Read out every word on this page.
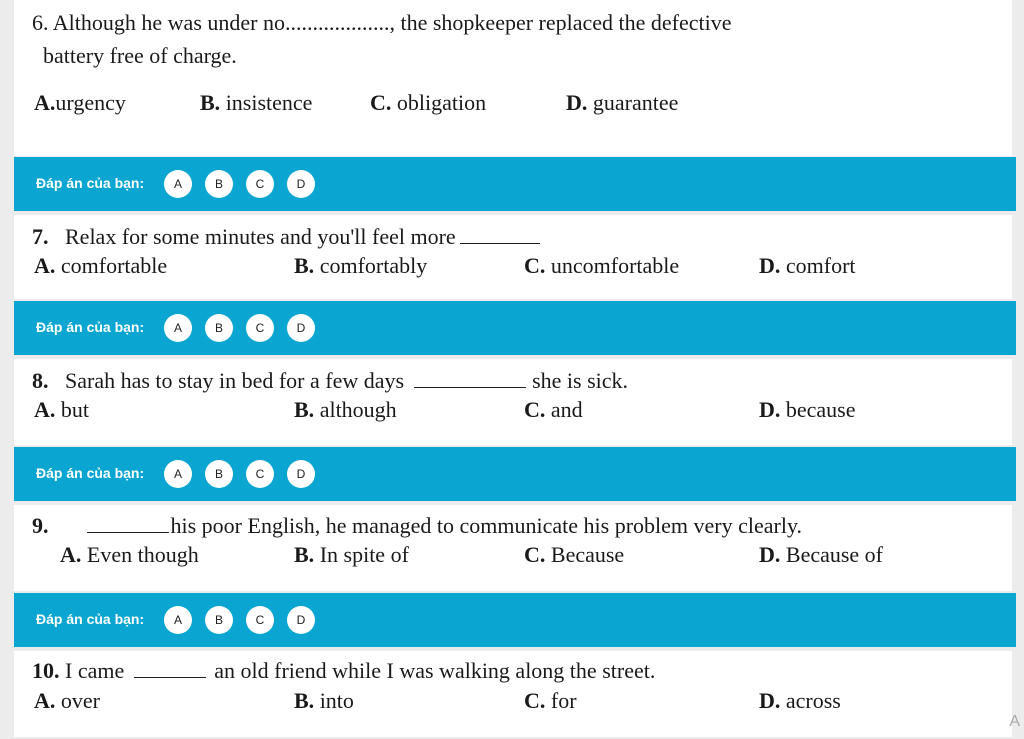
6. Although he was under no..................., the shopkeeper replaced the defective
battery free of charge.
A.urgency	B. insistence	C. obligation	D. guarantee
Đáp án của bạn:	A	B	C	D
7. Relax for some minutes and you'll feel more
A. comfortable	B. comfortably	C. uncomfortable	D. comfort
Đáp án của bạn:	A	B	C	D
8. Sarah has to stay in bed for a few days	she is sick.
A. but	B. although	C. and	D. because
Đáp án của bạn:	A	B	C	D
9.	his poor English, he managed to communicate his problem very clearly.
A. Even though	B. In spite of	C. Because	D. Because of
Đáp án của bạn:	A	B	C	D
10. I came	an old friend while I was walking along the street.
A. over	B. into	C. for	D. across
A
